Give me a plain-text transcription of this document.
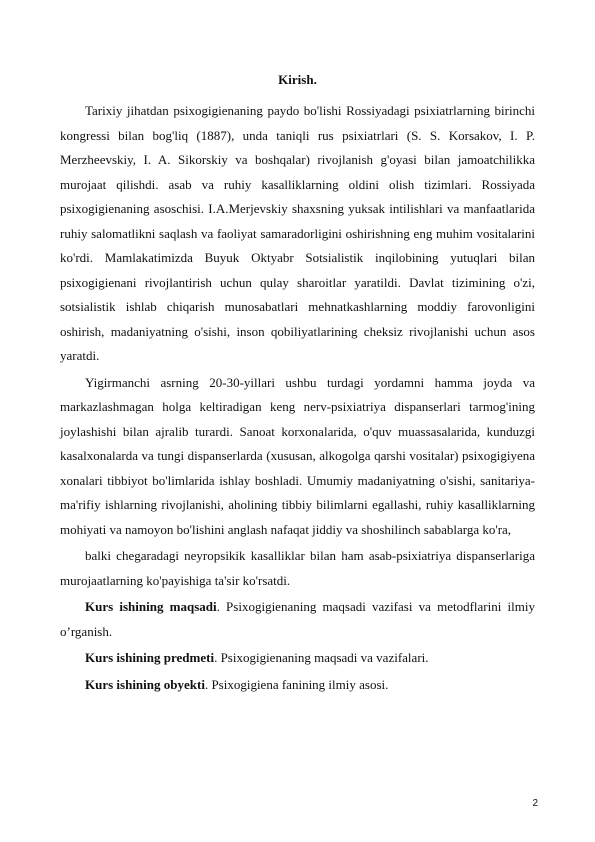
Kirish.

Tarixiy jihatdan psixogigienaning paydo bo'lishi Rossiyadagi psixiatrlarning birinchi kongressi bilan bog'liq (1887), unda taniqli rus psixiatrlari (S. S. Korsakov, I. P. Merzheevskiy, I. A. Sikorskiy va boshqalar) rivojlanish g'oyasi bilan jamoatchilikka murojaat qilishdi. asab va ruhiy kasalliklarning oldini olish tizimlari. Rossiyada psixogigienaning asoschisi. I.A.Merjevskiy shaxsning yuksak intilishlari va manfaatlarida ruhiy salomatlikni saqlash va faoliyat samaradorligini oshirishning eng muhim vositalarini ko'rdi. Mamlakatimizda Buyuk Oktyabr Sotsialistik inqilobining yutuqlari bilan psixogigienani rivojlantirish uchun qulay sharoitlar yaratildi. Davlat tizimining o'zi, sotsialistik ishlab chiqarish munosabatlari mehnatkashlarning moddiy farovonligini oshirish, madaniyatning o'sishi, inson qobiliyatlarining cheksiz rivojlanishi uchun asos yaratdi.

Yigirmanchi asrning 20-30-yillari ushbu turdagi yordamni hamma joyda va markazlashmagan holga keltiradigan keng nerv-psixiatriya dispanserlari tarmog'ining joylashishi bilan ajralib turardi. Sanoat korxonalarida, o'quv muassasalarida, kunduzgi kasalxonalarda va tungi dispanserlarda (xususan, alkogolga qarshi vositalar) psixogigiyena xonalari tibbiyot bo'limlarida ishlay boshladi. Umumiy madaniyatning o'sishi, sanitariya-ma'rifiy ishlarning rivojlanishi, aholining tibbiy bilimlarni egallashi, ruhiy kasalliklarning mohiyati va namoyon bo'lishini anglash nafaqat jiddiy va shoshilinch sabablarga ko'ra,

balki chegaradagi neyropsikik kasalliklar bilan ham asab-psixiatriya dispanserlariga murojaatlarning ko'payishiga ta'sir ko'rsatdi.

Kurs ishining maqsadi. Psixogigienaning maqsadi vazifasi va metodflarini ilmiy o’rganish.

Kurs ishining predmeti. Psixogigienaning maqsadi va vazifalari.

Kurs ishining obyekti. Psixogigiena fanining ilmiy asosi.

2
